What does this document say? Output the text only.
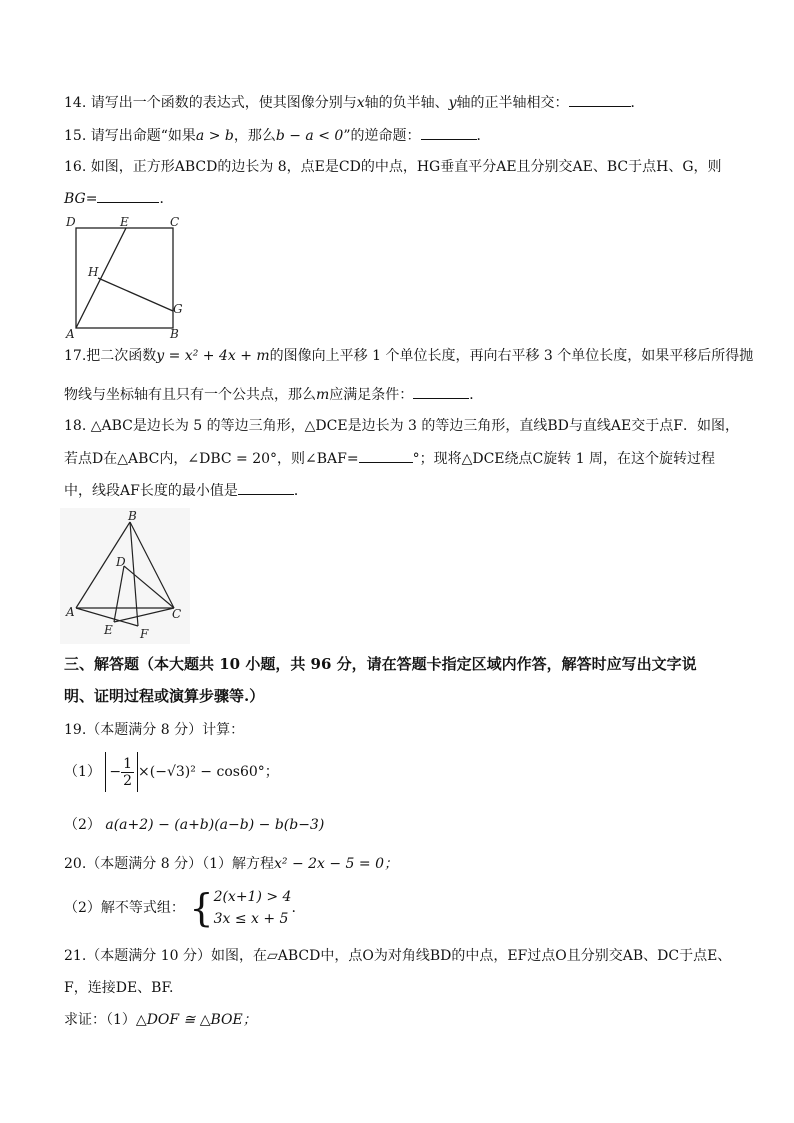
14. 请写出一个函数的表达式，使其图像分别与x轴的负半轴、y轴的正半轴相交：	．
15. 请写出命题“如果a > b，那么b − a < 0”的逆命题：	．
16. 如图，正方形ABCD的边长为 8，点E是CD的中点，HG垂直平分AE且分别交AE、BC于点H、G，则
BG=	．
D	E	C
H
G
A	B
17.把二次函数y = x² + 4x + m的图像向上平移 1 个单位长度，再向右平移 3 个单位长度，如果平移后所得抛
物线与坐标轴有且只有一个公共点，那么m应满足条件：	．
18. △ABC是边长为 5 的等边三角形，△DCE是边长为 3 的等边三角形，直线BD与直线AE交于点F．如图，
若点D在△ABC内，∠DBC = 20°，则∠BAF=	°；现将△DCE绕点C旋转 1 周，在这个旋转过程
中，线段AF长度的最小值是	．
B
D
A	C
E F
三、解答题（本大题共 10 小题，共 96 分，请在答题卡指定区域内作答，解答时应写出文字说
明、证明过程或演算步骤等.）
19.（本题满分 8 分）计算：
$(1) - \frac{1}{2} \times(-√3)^2 - \cos 60^\circ$；
（2） a(a+2) − (a+b)(a−b) − b(b−3)
20.（本题满分 8 分）（1）解方程x² − 2x − 5 = 0；
（2）解不等式组： { 2(x+1) > 4
3x ≤ x + 5
.
21.（本题满分 10 分）如图，在▱ABCD中，点O为对角线BD的中点，EF过点O且分别交AB、DC于点E、
F，连接DE、BF.
求证：（1）△DOF ≅ △BOE；
